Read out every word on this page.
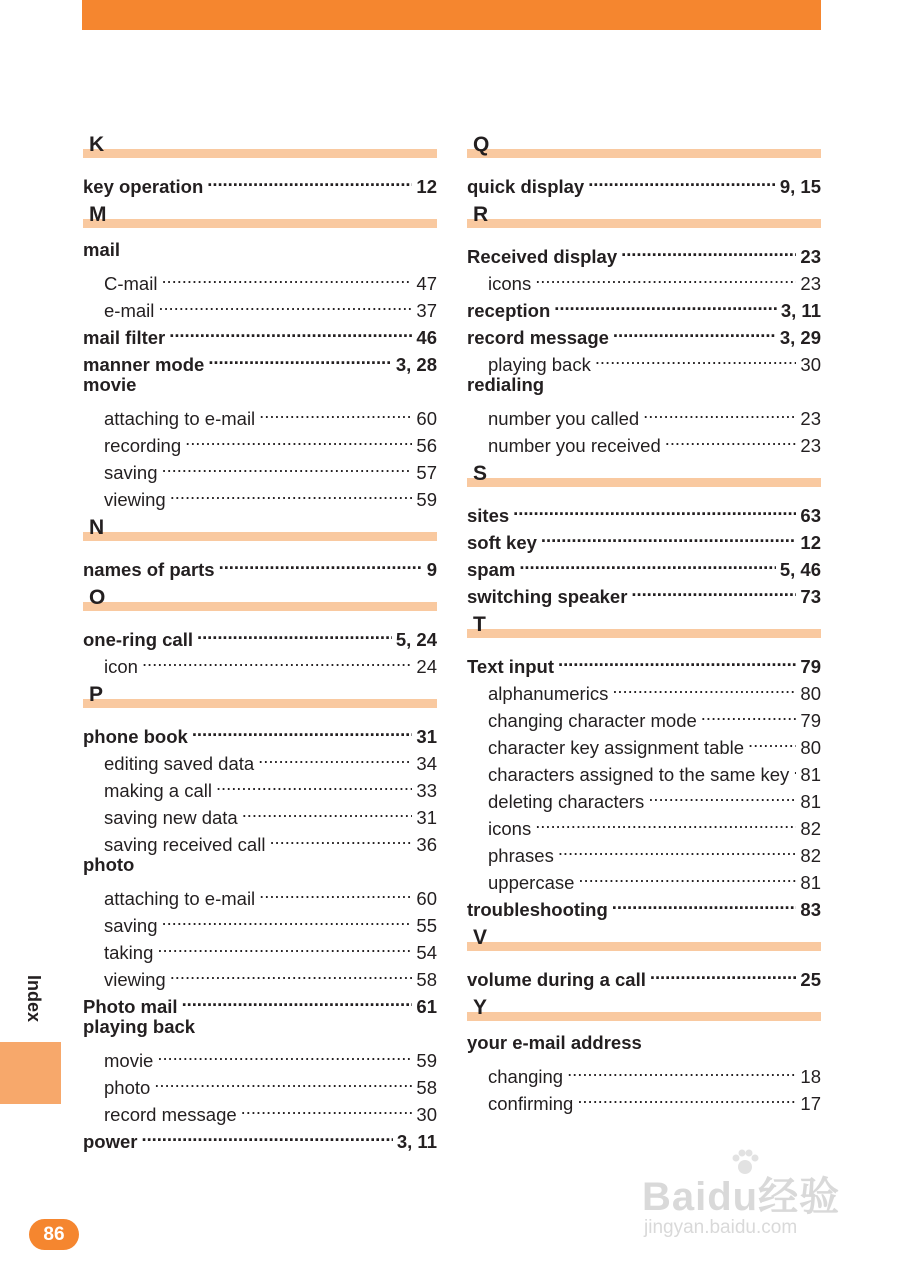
K
key operation . . .	12
M
mail
C-mail . . .	47
e-mail . . .	37
mail filter . . .	46
manner mode . . .	3, 28
movie
attaching to e-mail . . .	60
recording . . .	56
saving . . .	57
viewing . . .	59
N
names of parts . . .	9
O
one-ring call . . .	5, 24
icon . . .	24
P
phone book . . .	31
editing saved data . . .	34
making a call . . .	33
saving new data . . .	31
saving received call . . .	36
photo
attaching to e-mail . . .	60
saving . . .	55
taking . . .	54
viewing . . .	58
Photo mail . . .	61
playing back
movie . . .	59
photo . . .	58
record message . . .	30
power . . .	3, 11
Q
quick display . . .	9, 15
R
Received display . . .	23
icons . . .	23
reception . . .	3, 11
record message . . .	3, 29
playing back . . .	30
redialing
number you called . . .	23
number you received . . .	23
S
sites . . .	63
soft key . . .	12
spam . . .	5, 46
switching speaker . . .	73
T
Text input . . .	79
alphanumerics . . .	80
changing character mode . . .	79
character key assignment table . . .	80
characters assigned to the same key . . . 81
deleting characters . . .	81
icons . . .	82
phrases . . .	82
uppercase . . .	81
troubleshooting . . .	83
V
volume during a call . . .	25
Y
your e-mail address
changing . . .	18
confirming . . .	17
Index
86
Baidu经验
jingyan.baidu.com
